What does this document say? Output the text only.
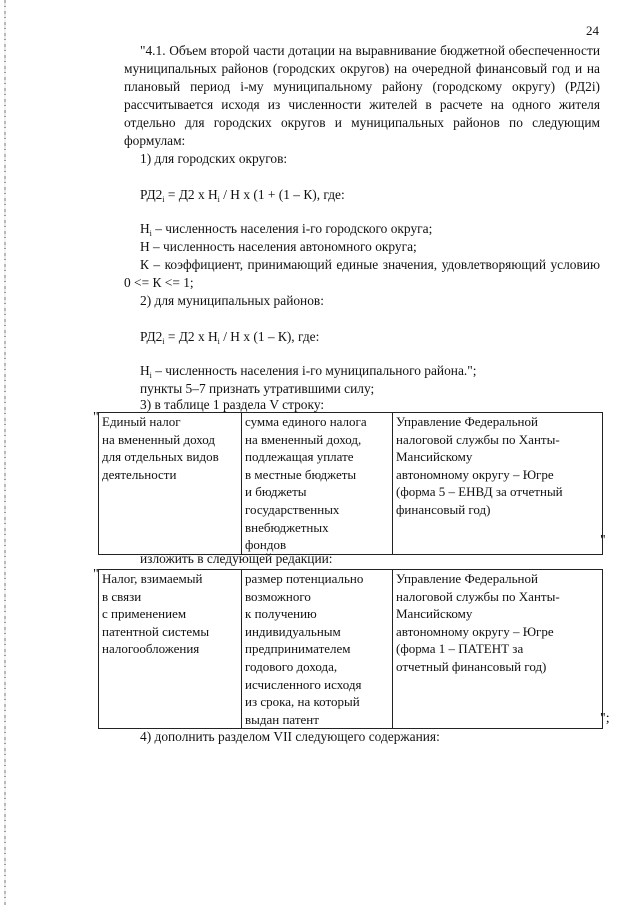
24
"4.1. Объем второй части дотации на выравнивание бюджетной обеспеченности муниципальных районов (городских округов) на очередной финансовый год и на плановый период i-му муниципальному району (городскому округу) (РД2i) рассчитывается исходя из численности жителей в расчете на одного жителя отдельно для городских округов и муниципальных районов по следующим формулам:
1) для городских округов:
$РД2_i = Д2$ х $Н_i$ / Н х (1 + (1 – К), где:
$Н_i$ – численность населения i-го городского округа;
Н – численность населения автономного округа;
К – коэффициент, принимающий единые значения, удовлетворяющий условию 0 <= К <= 1;
2) для муниципальных районов:
$РД2_i = Д2$ х $Н_i$ / Н х (1 – К), где:
$Н_i$ – численность населения i-го муниципального района.";
пункты 5–7 признать утратившими силу;
3) в таблице 1 раздела V строку:
" Единый налог
на вмененный доход
для отдельных видов
деятельности	сумма единого налога
на вмененный доход,
подлежащая уплате
в местные бюджеты
и бюджеты
государственных
внебюджетных
фондов	Управление Федеральной
налоговой службы по Ханты-
Мансийскому
автономному округу – Югре
(форма 5 – ЕНВД за отчетный
финансовый год)
"
изложить в следующей редакции:
" Налог, взимаемый
в связи
с применением
патентной системы
налогообложения	размер потенциально
возможного
к получению
индивидуальным
предпринимателем
годового дохода,
исчисленного исходя
из срока, на который
выдан патент	Управление Федеральной
налоговой службы по Ханты-
Мансийскому
автономному округу – Югре
(форма 1 – ПАТЕНТ за
отчетный финансовый год)
";
4) дополнить разделом VII следующего содержания:
